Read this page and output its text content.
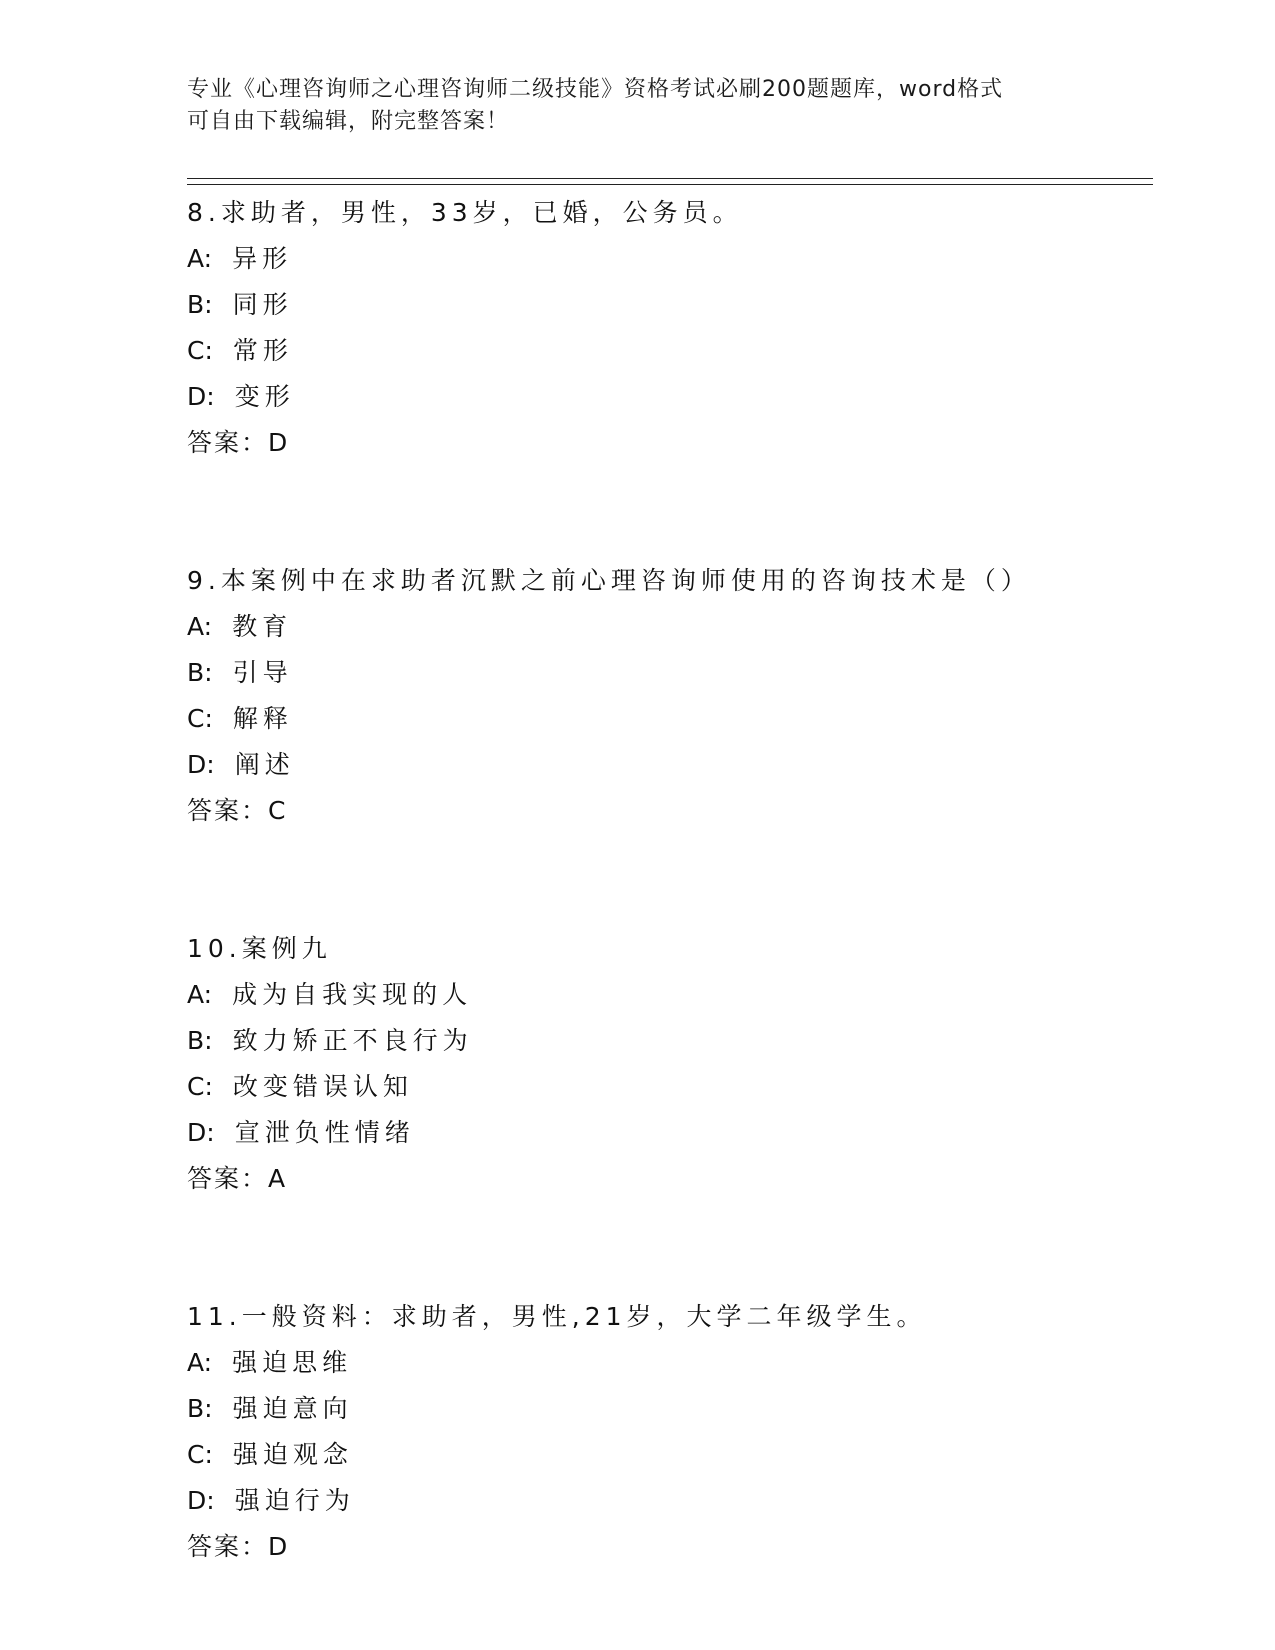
专业《心理咨询师之心理咨询师二级技能》资格考试必刷200题题库，word格式
可自由下载编辑，附完整答案！
8.求助者，男性，33岁，已婚，公务员。
A: 异形
B: 同形
C: 常形
D: 变形
答案：D
9.本案例中在求助者沉默之前心理咨询师使用的咨询技术是（）
A: 教育
B: 引导
C: 解释
D: 阐述
答案：C
10.案例九
A: 成为自我实现的人
B: 致力矫正不良行为
C: 改变错误认知
D: 宣泄负性情绪
答案：A
11.一般资料：求助者，男性,21岁，大学二年级学生。
A: 强迫思维
B: 强迫意向
C: 强迫观念
D: 强迫行为
答案：D
